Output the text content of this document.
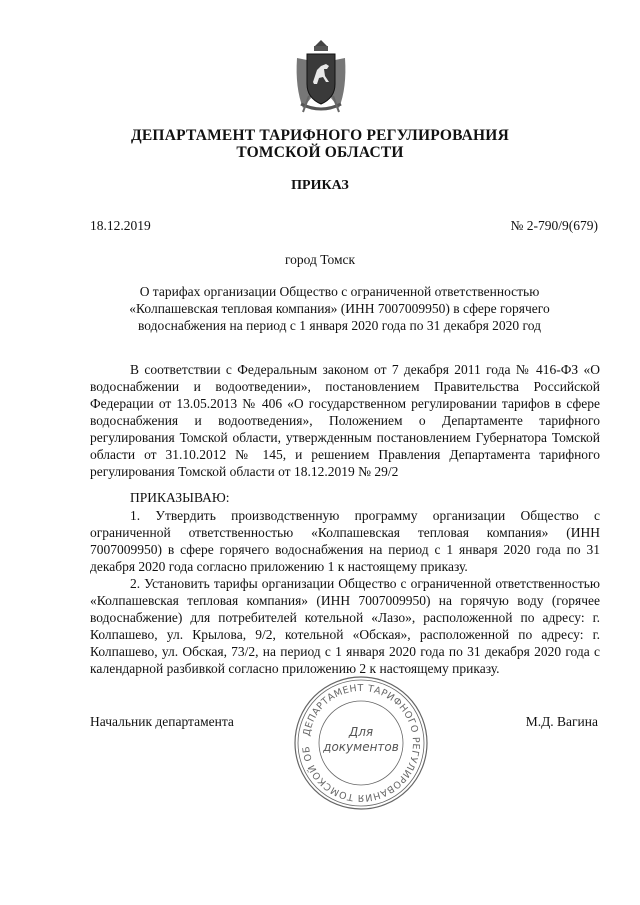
ДЕПАРТАМЕНТ ТАРИФНОГО РЕГУЛИРОВАНИЯ
ТОМСКОЙ ОБЛАСТИ
ПРИКАЗ
18.12.2019	№ 2-790/9(679)
город Томск
О тарифах организации Общество с ограниченной ответственностью «Колпашевская тепловая компания» (ИНН 7007009950) в сфере горячего водоснабжения на период с 1 января 2020 года по 31 декабря 2020 год
В соответствии с Федеральным законом от 7 декабря 2011 года № 416-ФЗ «О водоснабжении и водоотведении», постановлением Правительства Российской Федерации от 13.05.2013 № 406 «О государственном регулировании тарифов в сфере водоснабжения и водоотведения», Положением о Департаменте тарифного регулирования Томской области, утвержденным постановлением Губернатора Томской области от 31.10.2012 № 145, и решением Правления Департамента тарифного регулирования Томской области от 18.12.2019 № 29/2
ПРИКАЗЫВАЮ:
1. Утвердить производственную программу организации Общество с ограниченной ответственностью «Колпашевская тепловая компания» (ИНН 7007009950) в сфере горячего водоснабжения на период с 1 января 2020 года по 31 декабря 2020 года согласно приложению 1 к настоящему приказу.
2. Установить тарифы организации Общество с ограниченной ответственностью «Колпашевская тепловая компания» (ИНН 7007009950) на горячую воду (горячее водоснабжение) для потребителей котельной «Лазо», расположенной по адресу: г. Колпашево, ул. Крылова, 9/2, котельной «Обская», расположенной по адресу: г. Колпашево, ул. Обская, 73/2, на период с 1 января 2020 года по 31 декабря 2020 года с календарной разбивкой согласно приложению 2 к настоящему приказу.
Начальник департамента
ДЕПАРТАМЕНТ ТАРИФНОГО РЕГУЛИРОВАНИЯ ТОМСКОЙ ОБ
Для
документов
М.Д. Вагина
